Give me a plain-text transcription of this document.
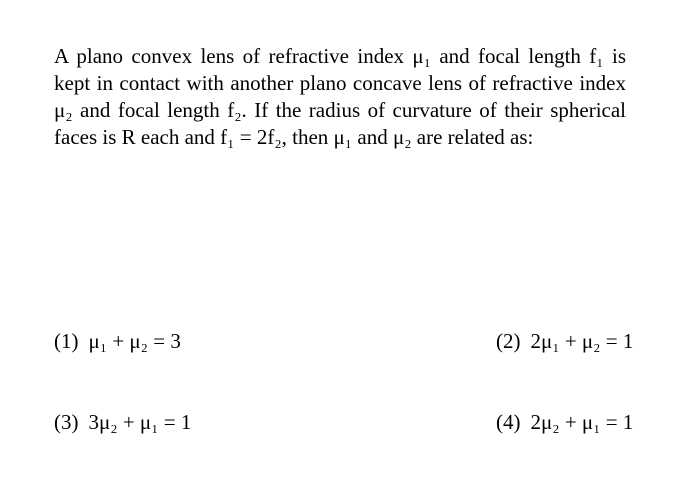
A plano convex lens of refractive index μ₁ and focal length f₁ is kept in contact with another plano concave lens of refractive index μ₂ and focal length f₂. If the radius of curvature of their spherical faces is R each and f₁ = 2f₂, then μ₁ and μ₂ are related as:

(1) μ₁ + μ₂ = 3	(2) 2μ₁ + μ₂ = 1
(3) 3μ₂ + μ₁ = 1	(4) 2μ₂ + μ₁ = 1
